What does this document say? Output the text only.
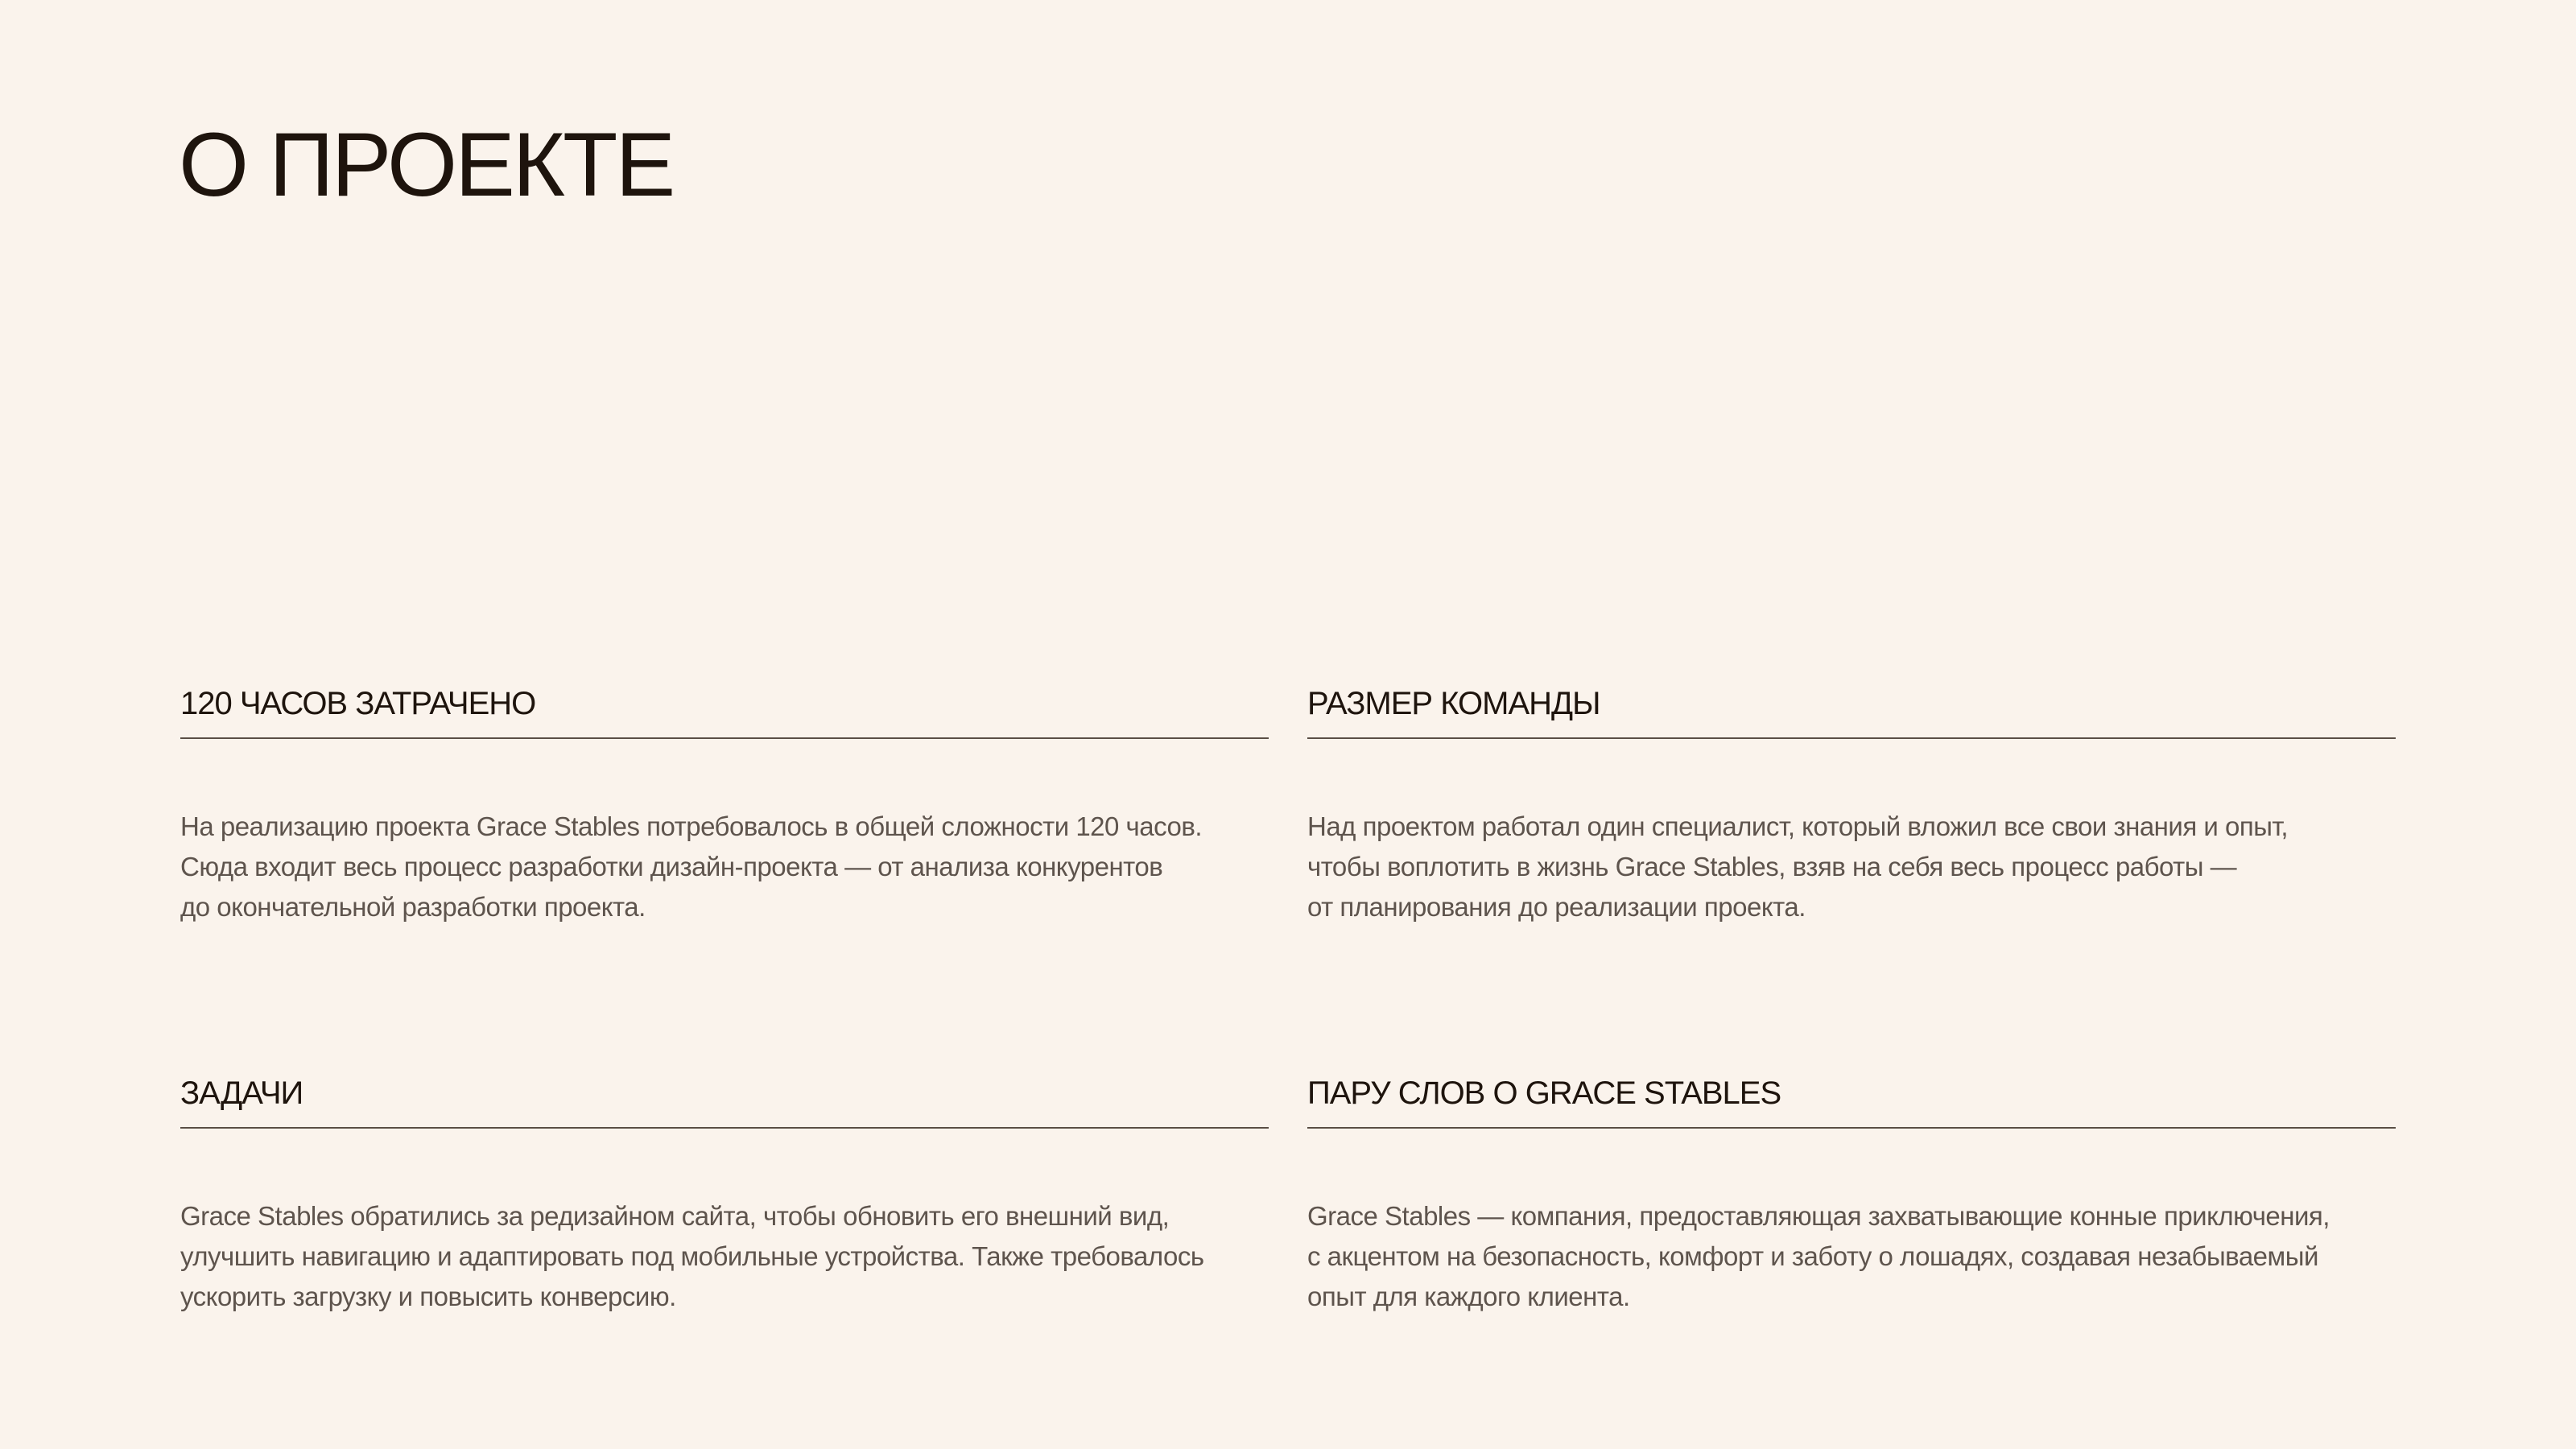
О ПРОЕКТЕ
120 ЧАСОВ ЗАТРАЧЕНО

На реализацию проекта Grace Stables потребовалось в общей сложности 120 часов.
Сюда входит весь процесс разработки дизайн-проекта — от анализа конкурентов
до окончательной разработки проекта.

РАЗМЕР КОМАНДЫ

Над проектом работал один специалист, который вложил все свои знания и опыт,
чтобы воплотить в жизнь Grace Stables, взяв на себя весь процесс работы —
от планирования до реализации проекта.

ЗАДАЧИ

Grace Stables обратились за редизайном сайта, чтобы обновить его внешний вид,
улучшить навигацию и адаптировать под мобильные устройства. Также требовалось
ускорить загрузку и повысить конверсию.

ПАРУ СЛОВ О GRACE STABLES

Grace Stables — компания, предоставляющая захватывающие конные приключения,
с акцентом на безопасность, комфорт и заботу о лошадях, создавая незабываемый
опыт для каждого клиента.
